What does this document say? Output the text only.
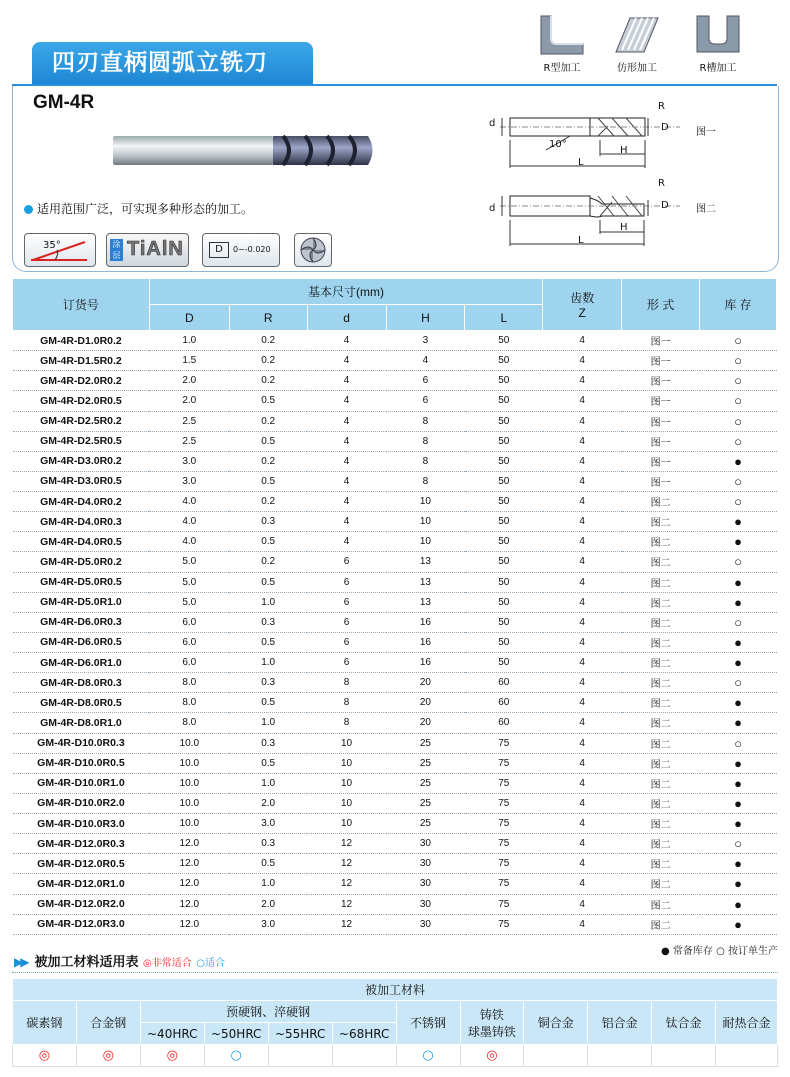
四刃直柄圆弧立铣刀	R型加工	仿形加工	R槽加工
GM-4R
适用范围广泛，可实现多种形态的加工。
35°	涂层 TiAlN	D	0~-0.020
d
R
D
10°
H
L
图一
d
R
D
H
L
图二
订货号	基本尺寸(mm)					齿数
Z	形 式	库 存
	D	R	d	H	L			
GM-4R-D1.0R0.2	1.0	0.2	4	3	50	4	图一	○
GM-4R-D1.5R0.2	1.5	0.2	4	4	50	4	图一	○
GM-4R-D2.0R0.2	2.0	0.2	4	6	50	4	图一	○
GM-4R-D2.0R0.5	2.0	0.5	4	6	50	4	图一	○
GM-4R-D2.5R0.2	2.5	0.2	4	8	50	4	图一	○
GM-4R-D2.5R0.5	2.5	0.5	4	8	50	4	图一	○
GM-4R-D3.0R0.2	3.0	0.2	4	8	50	4	图一	●
GM-4R-D3.0R0.5	3.0	0.5	4	8	50	4	图一	○
GM-4R-D4.0R0.2	4.0	0.2	4	10	50	4	图二	○
GM-4R-D4.0R0.3	4.0	0.3	4	10	50	4	图二	●
GM-4R-D4.0R0.5	4.0	0.5	4	10	50	4	图二	●
GM-4R-D5.0R0.2	5.0	0.2	6	13	50	4	图二	○
GM-4R-D5.0R0.5	5.0	0.5	6	13	50	4	图二	●
GM-4R-D5.0R1.0	5.0	1.0	6	13	50	4	图二	●
GM-4R-D6.0R0.3	6.0	0.3	6	16	50	4	图二	○
GM-4R-D6.0R0.5	6.0	0.5	6	16	50	4	图二	●
GM-4R-D6.0R1.0	6.0	1.0	6	16	50	4	图二	●
GM-4R-D8.0R0.3	8.0	0.3	8	20	60	4	图二	○
GM-4R-D8.0R0.5	8.0	0.5	8	20	60	4	图二	●
GM-4R-D8.0R1.0	8.0	1.0	8	20	60	4	图二	●
GM-4R-D10.0R0.3	10.0	0.3	10	25	75	4	图二	○
GM-4R-D10.0R0.5	10.0	0.5	10	25	75	4	图二	●
GM-4R-D10.0R1.0	10.0	1.0	10	25	75	4	图二	●
GM-4R-D10.0R2.0	10.0	2.0	10	25	75	4	图二	●
GM-4R-D10.0R3.0	10.0	3.0	10	25	75	4	图二	●
GM-4R-D12.0R0.3	12.0	0.3	12	30	75	4	图二	○
GM-4R-D12.0R0.5	12.0	0.5	12	30	75	4	图二	●
GM-4R-D12.0R1.0	12.0	1.0	12	30	75	4	图二	●
GM-4R-D12.0R2.0	12.0	2.0	12	30	75	4	图二	●
GM-4R-D12.0R3.0	12.0	3.0	12	30	75	4	图二	●
● 常备库存 ○ 按订单生产
▶▶ 被加工材料适用表 ◎非常适合 ○适合
被加工材料											
碳素钢	合金钢	预硬钢、淬硬钢				不锈钢	铸铁
球墨铸铁	铜合金	铝合金	钛合金	耐热合金
		~40HRC	~50HRC	~55HRC	~68HRC						
◎	◎	◎	○			○	◎				
